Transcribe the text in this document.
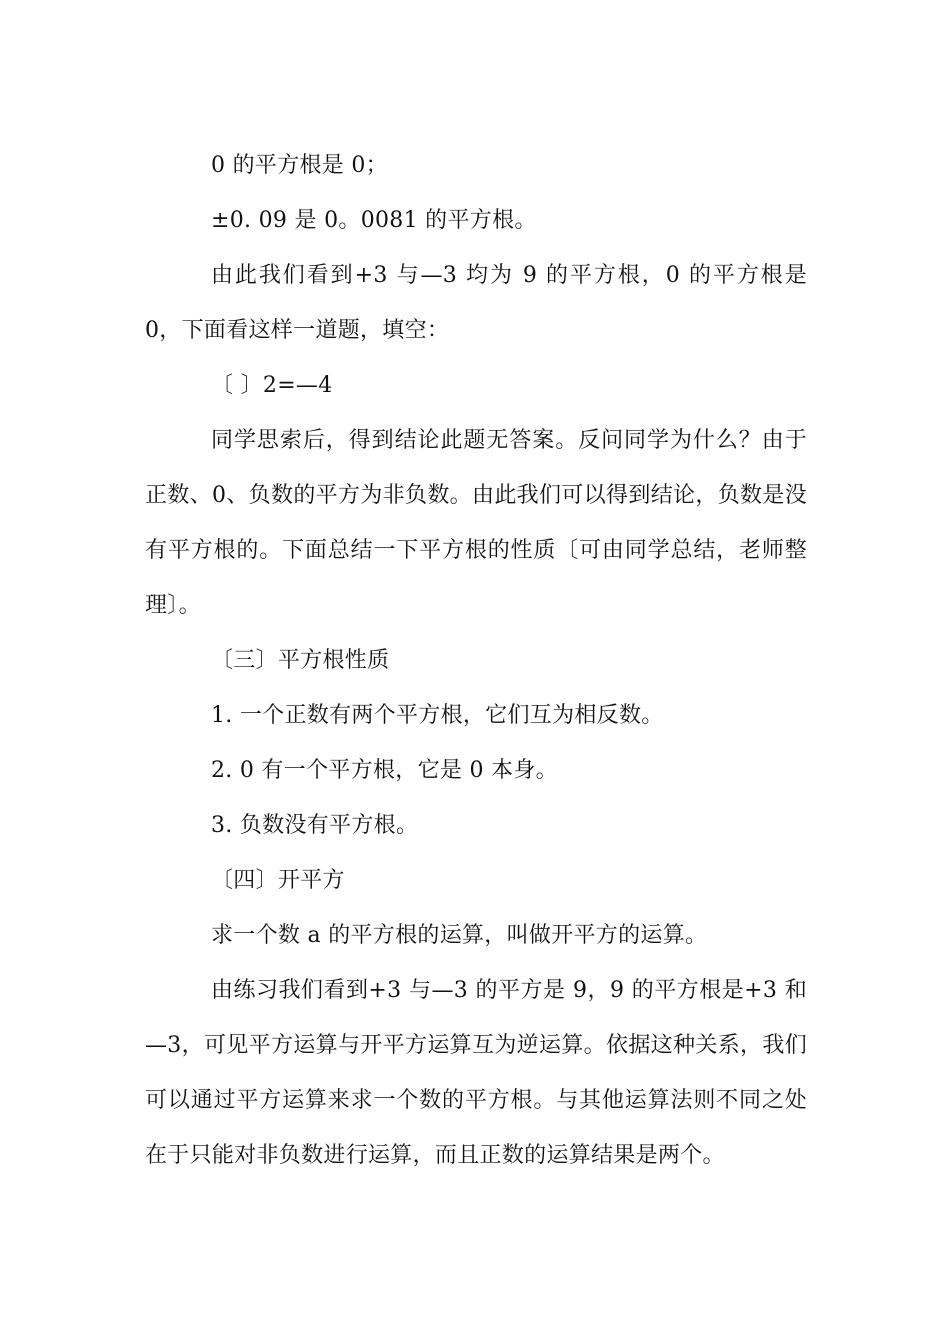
0 的平方根是 0；

±0. 09 是 0。0081 的平方根。

由此我们看到+3 与—3 均为 9 的平方根，0 的平方根是 0，下面看这样一道题，填空：

〔 〕2=—4

同学思索后，得到结论此题无答案。反问同学为什么？由于正数、0、负数的平方为非负数。由此我们可以得到结论，负数是没有平方根的。下面总结一下平方根的性质〔可由同学总结，老师整理〕。

〔三〕平方根性质

1. 一个正数有两个平方根，它们互为相反数。

2. 0 有一个平方根，它是 0 本身。

3. 负数没有平方根。

〔四〕开平方

求一个数 a 的平方根的运算，叫做开平方的运算。

由练习我们看到+3 与—3 的平方是 9，9 的平方根是+3 和—3，可见平方运算与开平方运算互为逆运算。依据这种关系，我们可以通过平方运算来求一个数的平方根。与其他运算法则不同之处在于只能对非负数进行运算，而且正数的运算结果是两个。
